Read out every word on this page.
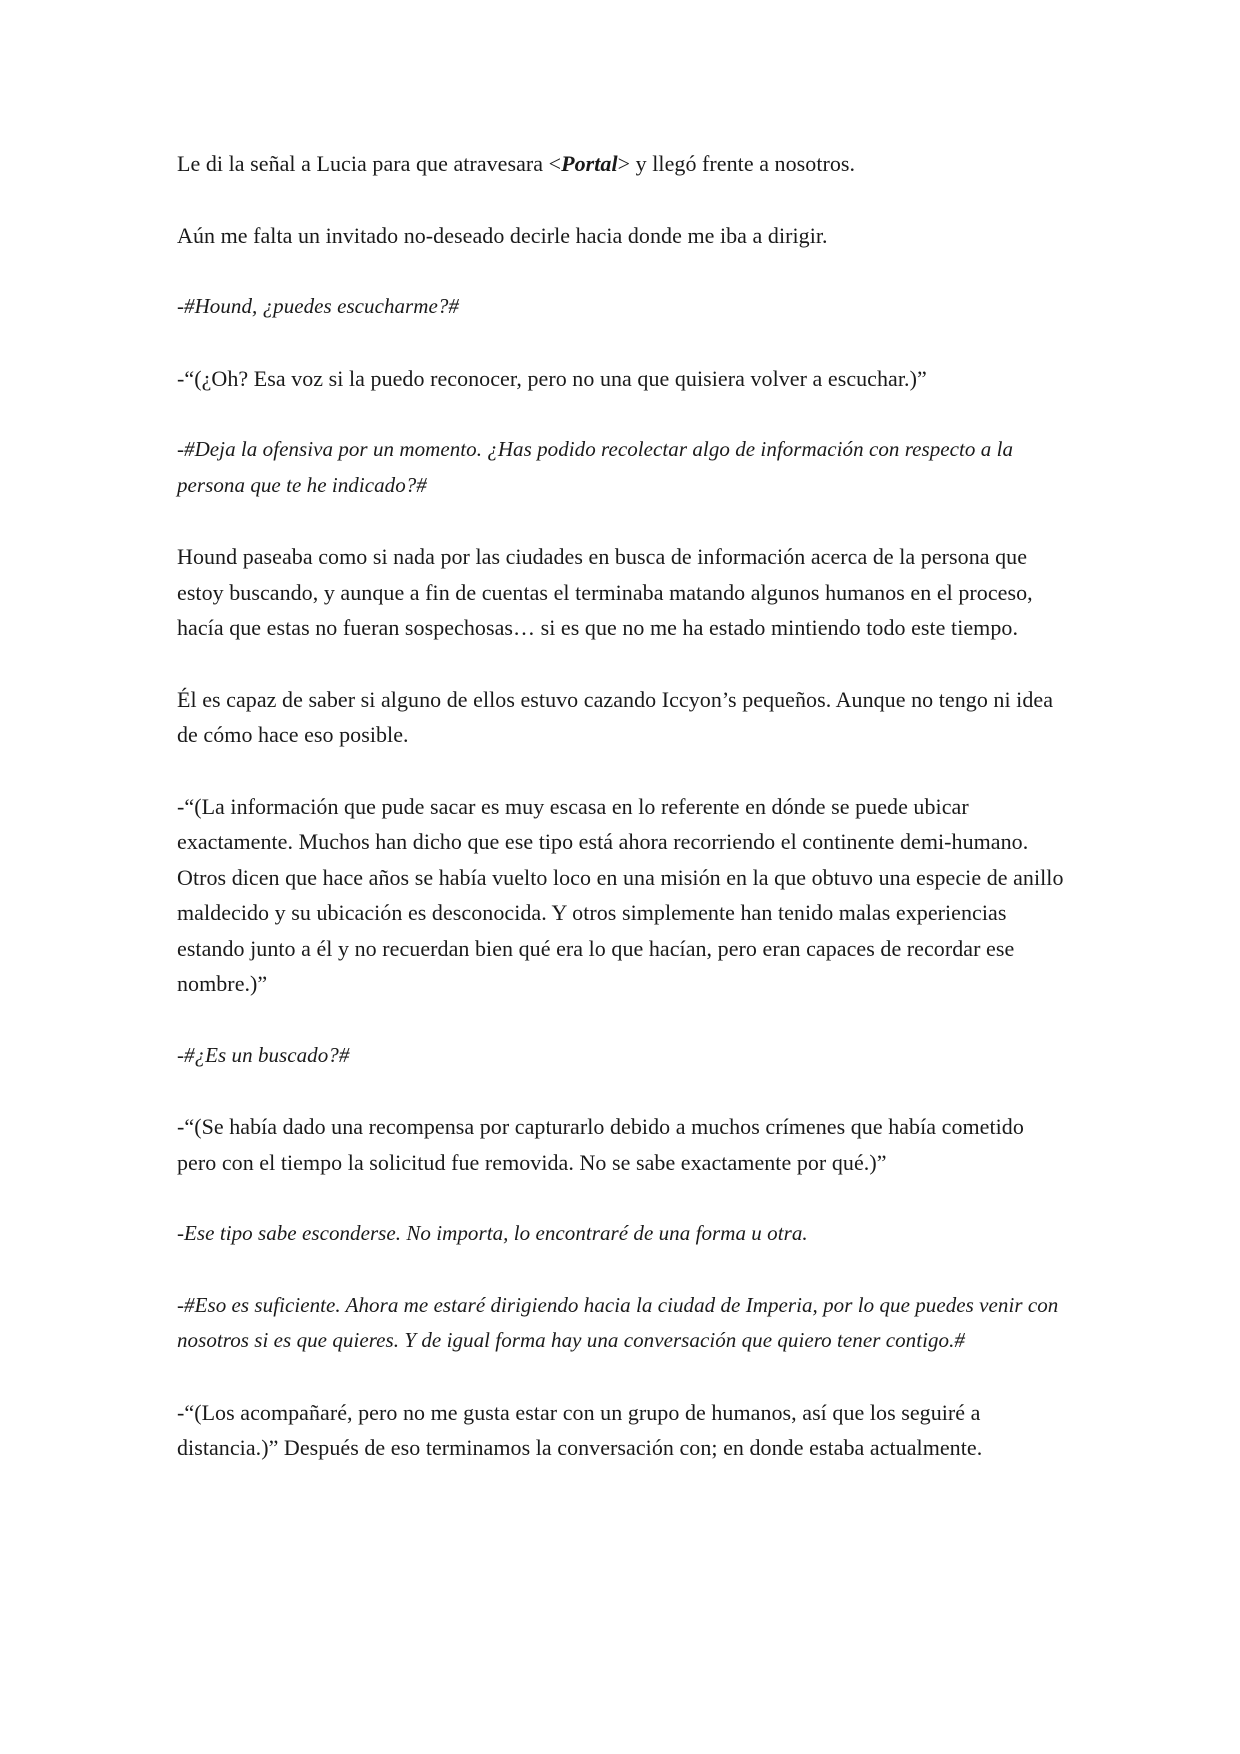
Le di la señal a Lucia para que atravesara <Portal> y llegó frente a nosotros.

Aún me falta un invitado no-deseado decirle hacia donde me iba a dirigir.

-#Hound, ¿puedes escucharme?#

-“(¿Oh? Esa voz si la puedo reconocer, pero no una que quisiera volver a escuchar.)”

-#Deja la ofensiva por un momento. ¿Has podido recolectar algo de información con respecto a la persona que te he indicado?#

Hound paseaba como si nada por las ciudades en busca de información acerca de la persona que estoy buscando, y aunque a fin de cuentas el terminaba matando algunos humanos en el proceso, hacía que estas no fueran sospechosas… si es que no me ha estado mintiendo todo este tiempo.

Él es capaz de saber si alguno de ellos estuvo cazando Iccyon’s pequeños. Aunque no tengo ni idea de cómo hace eso posible.

-“(La información que pude sacar es muy escasa en lo referente en dónde se puede ubicar exactamente. Muchos han dicho que ese tipo está ahora recorriendo el continente demi-humano. Otros dicen que hace años se había vuelto loco en una misión en la que obtuvo una especie de anillo maldecido y su ubicación es desconocida. Y otros simplemente han tenido malas experiencias estando junto a él y no recuerdan bien qué era lo que hacían, pero eran capaces de recordar ese nombre.)”

-#¿Es un buscado?#

-“(Se había dado una recompensa por capturarlo debido a muchos crímenes que había cometido pero con el tiempo la solicitud fue removida. No se sabe exactamente por qué.)”

-Ese tipo sabe esconderse. No importa, lo encontraré de una forma u otra.

-#Eso es suficiente. Ahora me estaré dirigiendo hacia la ciudad de Imperia, por lo que puedes venir con nosotros si es que quieres. Y de igual forma hay una conversación que quiero tener contigo.#

-“(Los acompañaré, pero no me gusta estar con un grupo de humanos, así que los seguiré a distancia.)” Después de eso terminamos la conversación con; en donde estaba actualmente.
